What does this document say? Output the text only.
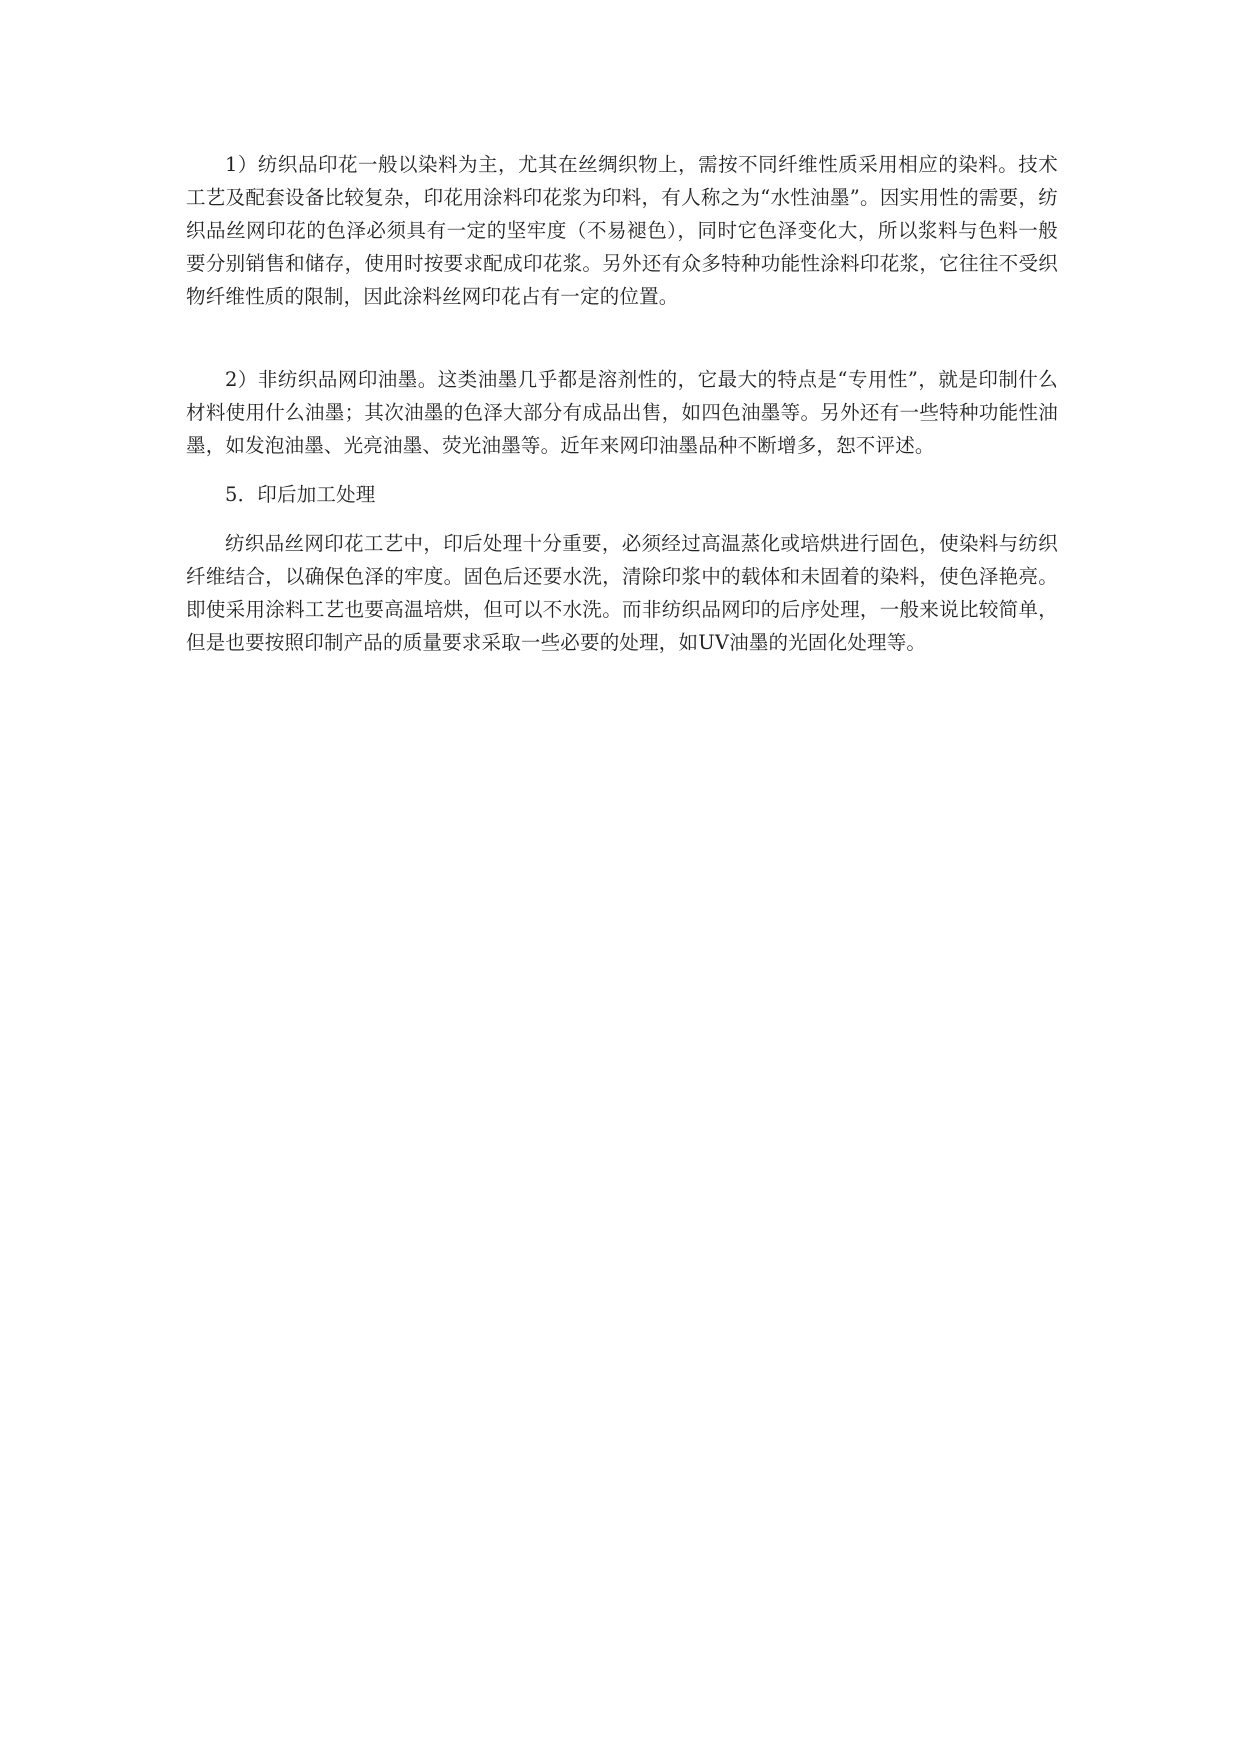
1）纺织品印花一般以染料为主，尤其在丝绸织物上，需按不同纤维性质采用相应的染料。技术工艺及配套设备比较复杂，印花用涂料印花浆为印料，有人称之为“水性油墨”。因实用性的需要，纺织品丝网印花的色泽必须具有一定的坚牢度（不易褪色），同时它色泽变化大，所以浆料与色料一般要分别销售和储存，使用时按要求配成印花浆。另外还有众多特种功能性涂料印花浆，它往往不受织物纤维性质的限制，因此涂料丝网印花占有一定的位置。

2）非纺织品网印油墨。这类油墨几乎都是溶剂性的，它最大的特点是“专用性”，就是印制什么材料使用什么油墨；其次油墨的色泽大部分有成品出售，如四色油墨等。另外还有一些特种功能性油墨，如发泡油墨、光亮油墨、荧光油墨等。近年来网印油墨品种不断增多，恕不评述。

5．印后加工处理

纺织品丝网印花工艺中，印后处理十分重要，必须经过高温蒸化或培烘进行固色，使染料与纺织纤维结合，以确保色泽的牢度。固色后还要水洗，清除印浆中的载体和未固着的染料，使色泽艳亮。即使采用涂料工艺也要高温培烘，但可以不水洗。而非纺织品网印的后序处理，一般来说比较简单，但是也要按照印制产品的质量要求采取一些必要的处理，如UV油墨的光固化处理等。
